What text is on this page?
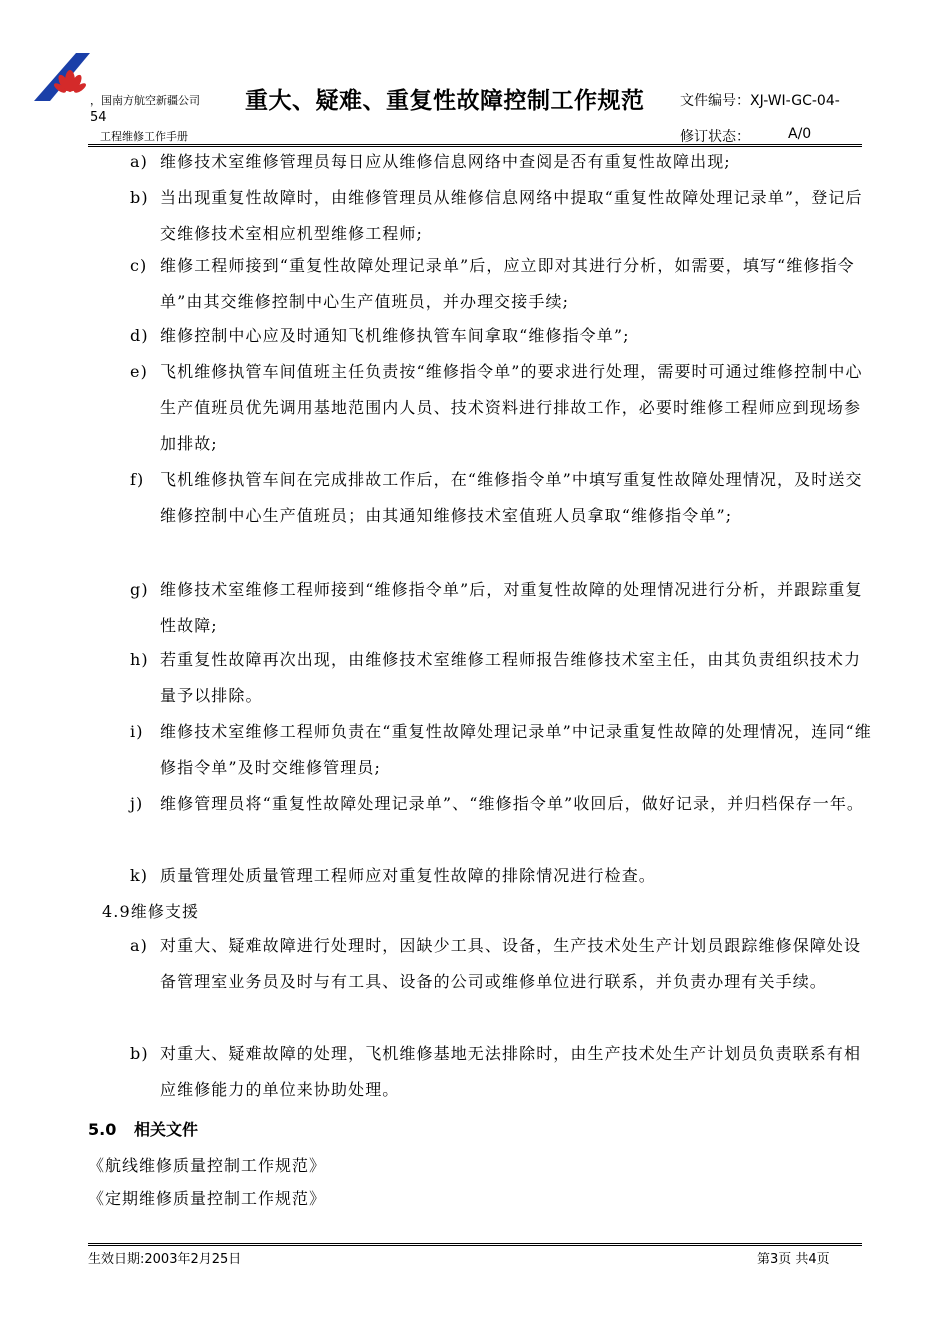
，国南方航空新疆公司 重大、疑难、重复性故障控制工作规范	文件编号：XJ-WI-GC-04-
54
工程维修工作手册	修订状态：	A/0
a) 维修技术室维修管理员每日应从维修信息网络中查阅是否有重复性故障出现;
b) 当出现重复性故障时，由维修管理员从维修信息网络中提取“重复性故障处理记录单”，登记后交维修技术室相应机型维修工程师;
c) 维修工程师接到“重复性故障处理记录单”后，应立即对其进行分析，如需要，填写“维修指令单”由其交维修控制中心生产值班员，并办理交接手续;
d) 维修控制中心应及时通知飞机维修执管车间拿取“维修指令单”;
e) 飞机维修执管车间值班主任负责按“维修指令单”的要求进行处理，需要时可通过维修控制中心生产值班员优先调用基地范围内人员、技术资料进行排故工作，必要时维修工程师应到现场参加排故;
f) 飞机维修执管车间在完成排故工作后，在“维修指令单”中填写重复性故障处理情况，及时送交维修控制中心生产值班员；由其通知维修技术室值班人员拿取“维修指令单”;
g) 维修技术室维修工程师接到“维修指令单”后，对重复性故障的处理情况进行分析，并跟踪重复性故障;
h) 若重复性故障再次出现，由维修技术室维修工程师报告维修技术室主任，由其负责组织技术力量予以排除。
i) 维修技术室维修工程师负责在“重复性故障处理记录单”中记录重复性故障的处理情况，连同“维修指令单”及时交维修管理员;
j) 维修管理员将“重复性故障处理记录单”、“维修指令单”收回后，做好记录，并归档保存一年。
k) 质量管理处质量管理工程师应对重复性故障的排除情况进行检查。
4.9维修支援
a) 对重大、疑难故障进行处理时，因缺少工具、设备，生产技术处生产计划员跟踪维修保障处设备管理室业务员及时与有工具、设备的公司或维修单位进行联系，并负责办理有关手续。
b) 对重大、疑难故障的处理，飞机维修基地无法排除时，由生产技术处生产计划员负责联系有相应维修能力的单位来协助处理。
5.0 相关文件
《航线维修质量控制工作规范》
《定期维修质量控制工作规范》
生效日期:2003年2月25日	第3页 共4页
